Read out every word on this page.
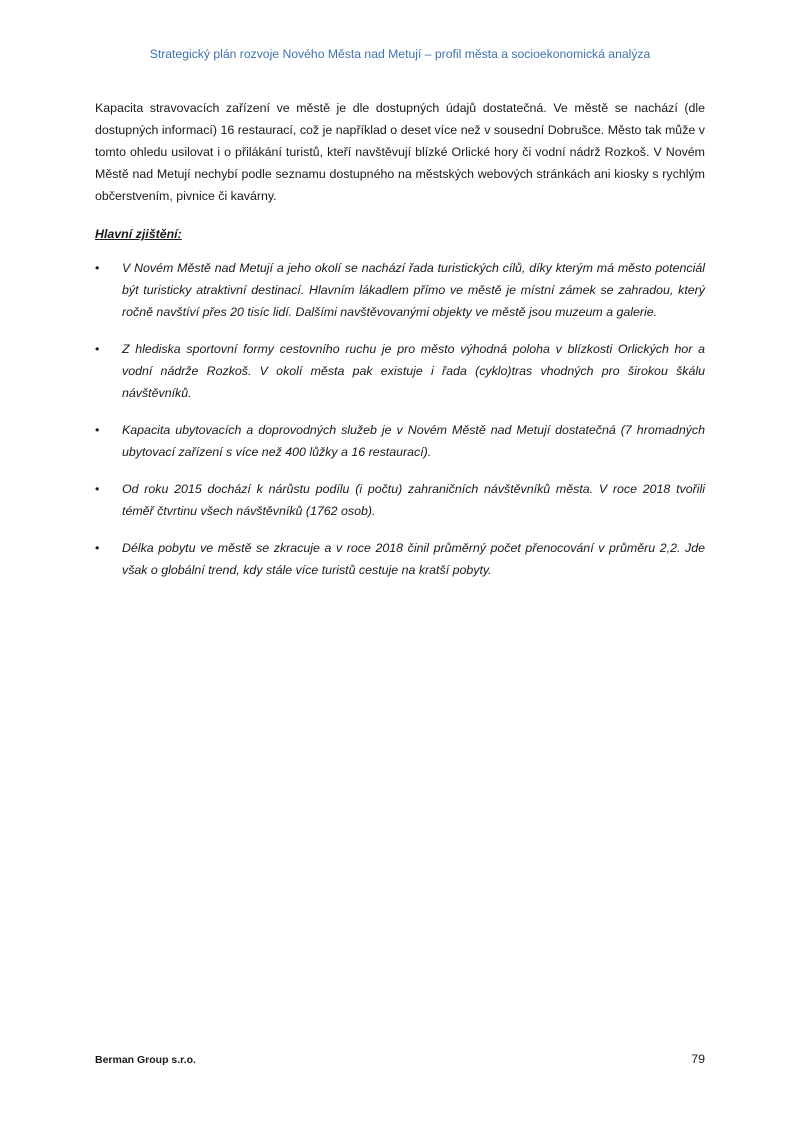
Strategický plán rozvoje Nového Města nad Metují – profil města a socioekonomická analýza

Kapacita stravovacích zařízení ve městě je dle dostupných údajů dostatečná. Ve městě se nachází (dle dostupných informací) 16 restaurací, což je například o deset více než v sousední Dobrušce. Město tak může v tomto ohledu usilovat i o přilákání turistů, kteří navštěvují blízké Orlické hory či vodní nádrž Rozkoš. V Novém Městě nad Metují nechybí podle seznamu dostupného na městských webových stránkách ani kiosky s rychlým občerstvením, pivnice či kavárny.

Hlavní zjištění:

• V Novém Městě nad Metují a jeho okolí se nachází řada turistických cílů, díky kterým má město potenciál být turisticky atraktivní destinací. Hlavním lákadlem přímo ve městě je místní zámek se zahradou, který ročně navštíví přes 20 tisíc lidí. Dalšími navštěvovanými objekty ve městě jsou muzeum a galerie.
• Z hlediska sportovní formy cestovního ruchu je pro město výhodná poloha v blízkosti Orlických hor a vodní nádrže Rozkoš. V okolí města pak existuje i řada (cyklo)tras vhodných pro širokou škálu návštěvníků.
• Kapacita ubytovacích a doprovodných služeb je v Novém Městě nad Metují dostatečná (7 hromadných ubytovací zařízení s více než 400 lůžky a 16 restaurací).
• Od roku 2015 dochází k nárůstu podílu (i počtu) zahraničních návštěvníků města. V roce 2018 tvořili téměř čtvrtinu všech návštěvníků (1762 osob).
• Délka pobytu ve městě se zkracuje a v roce 2018 činil průměrný počet přenocování v průměru 2,2. Jde však o globální trend, kdy stále více turistů cestuje na kratší pobyty.
Berman Group s.r.o.	79
